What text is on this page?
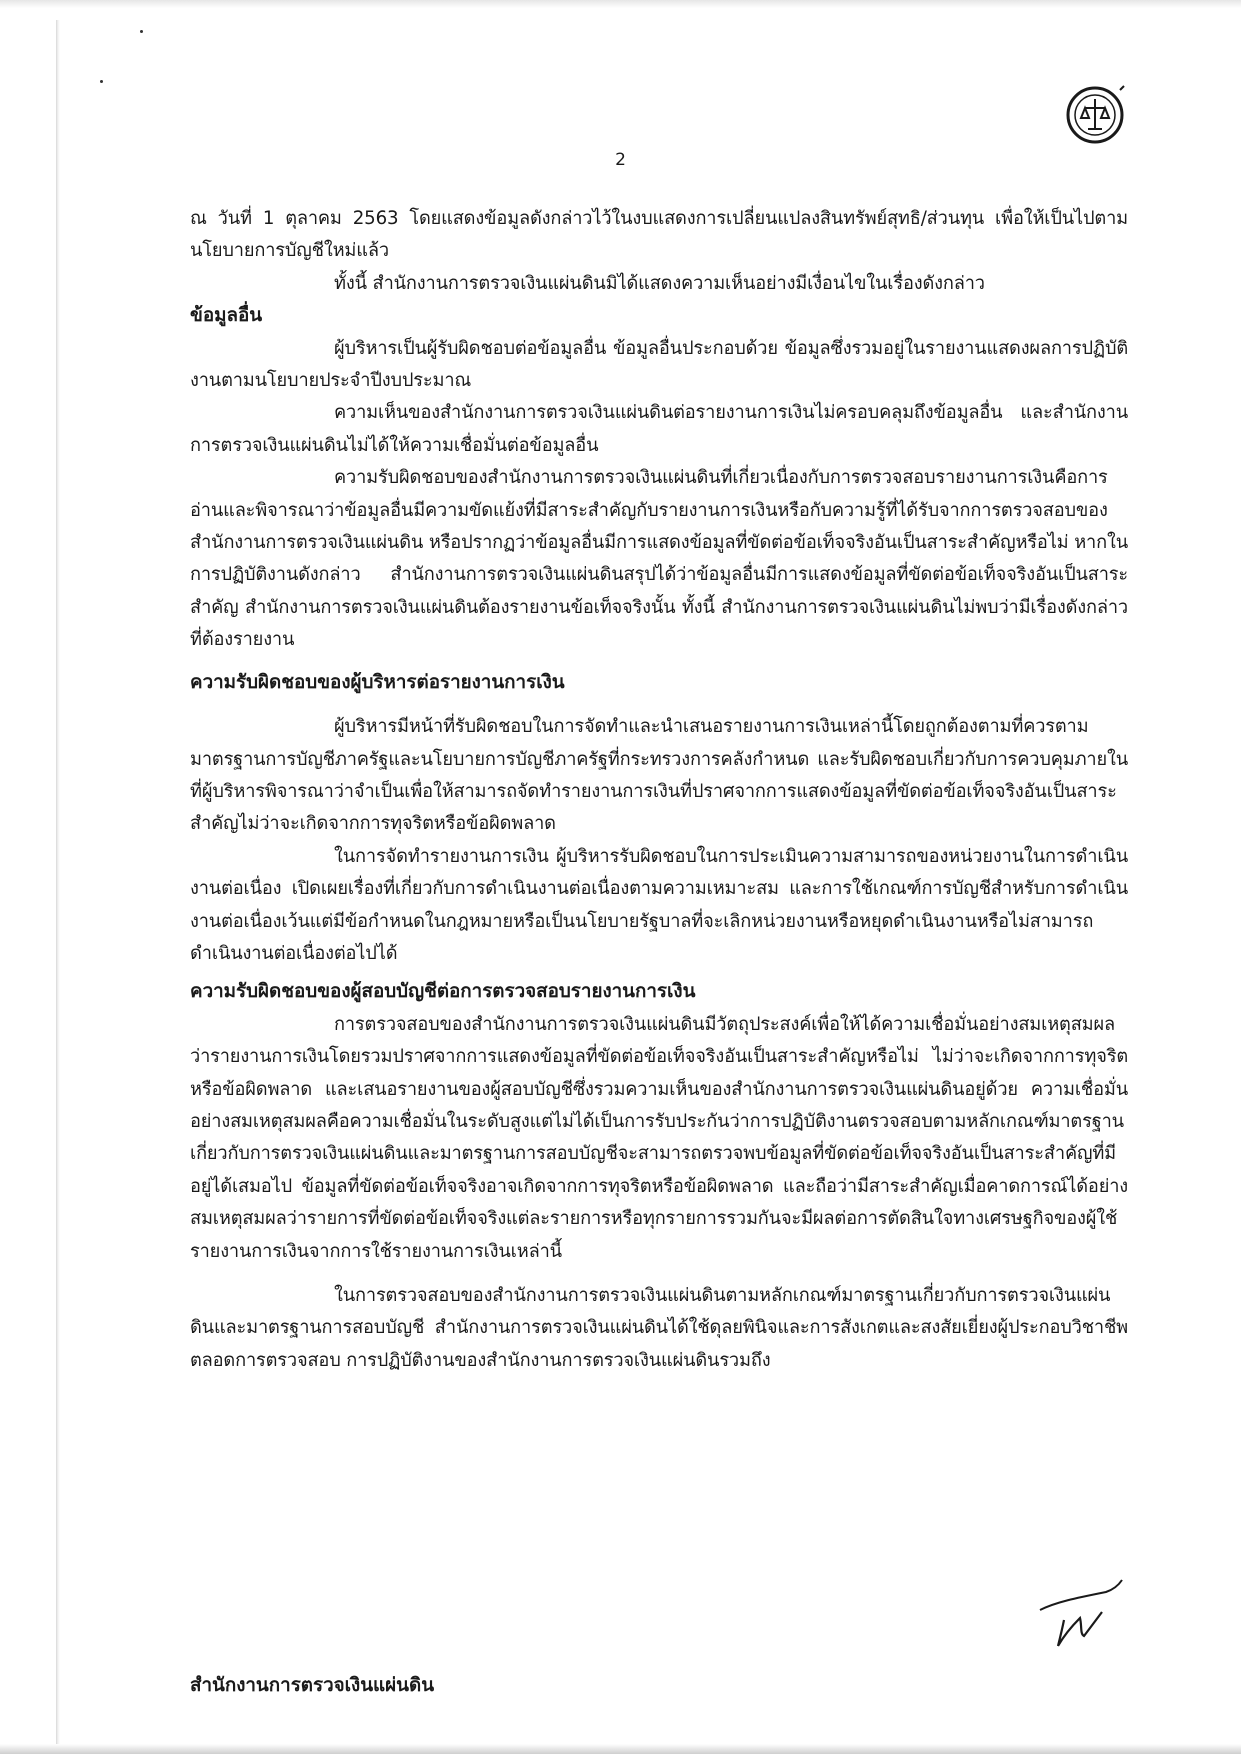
2

ณ วันที่ 1 ตุลาคม 2563 โดยแสดงข้อมูลดังกล่าวไว้ในงบแสดงการเปลี่ยนแปลงสินทรัพย์สุทธิ/ส่วนทุน เพื่อให้เป็นไปตามนโยบายการบัญชีใหม่แล้ว

ทั้งนี้ สำนักงานการตรวจเงินแผ่นดินมิได้แสดงความเห็นอย่างมีเงื่อนไขในเรื่องดังกล่าว

ข้อมูลอื่น

ผู้บริหารเป็นผู้รับผิดชอบต่อข้อมูลอื่น ข้อมูลอื่นประกอบด้วย ข้อมูลซึ่งรวมอยู่ในรายงานแสดงผลการปฏิบัติงานตามนโยบายประจำปีงบประมาณ

ความเห็นของสำนักงานการตรวจเงินแผ่นดินต่อรายงานการเงินไม่ครอบคลุมถึงข้อมูลอื่น และสำนักงานการตรวจเงินแผ่นดินไม่ได้ให้ความเชื่อมั่นต่อข้อมูลอื่น

ความรับผิดชอบของสำนักงานการตรวจเงินแผ่นดินที่เกี่ยวเนื่องกับการตรวจสอบรายงานการเงินคือการอ่านและพิจารณาว่าข้อมูลอื่นมีความขัดแย้งที่มีสาระสำคัญกับรายงานการเงินหรือกับความรู้ที่ได้รับจากการตรวจสอบของสำนักงานการตรวจเงินแผ่นดิน หรือปรากฏว่าข้อมูลอื่นมีการแสดงข้อมูลที่ขัดต่อข้อเท็จจริงอันเป็นสาระสำคัญหรือไม่ หากในการปฏิบัติงานดังกล่าว สำนักงานการตรวจเงินแผ่นดินสรุปได้ว่าข้อมูลอื่นมีการแสดงข้อมูลที่ขัดต่อข้อเท็จจริงอันเป็นสาระสำคัญ สำนักงานการตรวจเงินแผ่นดินต้องรายงานข้อเท็จจริงนั้น ทั้งนี้ สำนักงานการตรวจเงินแผ่นดินไม่พบว่ามีเรื่องดังกล่าวที่ต้องรายงาน

ความรับผิดชอบของผู้บริหารต่อรายงานการเงิน

ผู้บริหารมีหน้าที่รับผิดชอบในการจัดทำและนำเสนอรายงานการเงินเหล่านี้โดยถูกต้องตามที่ควรตามมาตรฐานการบัญชีภาครัฐและนโยบายการบัญชีภาครัฐที่กระทรวงการคลังกำหนด และรับผิดชอบเกี่ยวกับการควบคุมภายในที่ผู้บริหารพิจารณาว่าจำเป็นเพื่อให้สามารถจัดทำรายงานการเงินที่ปราศจากการแสดงข้อมูลที่ขัดต่อข้อเท็จจริงอันเป็นสาระสำคัญไม่ว่าจะเกิดจากการทุจริตหรือข้อผิดพลาด

ในการจัดทำรายงานการเงิน ผู้บริหารรับผิดชอบในการประเมินความสามารถของหน่วยงานในการดำเนินงานต่อเนื่อง เปิดเผยเรื่องที่เกี่ยวกับการดำเนินงานต่อเนื่องตามความเหมาะสม และการใช้เกณฑ์การบัญชีสำหรับการดำเนินงานต่อเนื่องเว้นแต่มีข้อกำหนดในกฎหมายหรือเป็นนโยบายรัฐบาลที่จะเลิกหน่วยงานหรือหยุดดำเนินงานหรือไม่สามารถดำเนินงานต่อเนื่องต่อไปได้

ความรับผิดชอบของผู้สอบบัญชีต่อการตรวจสอบรายงานการเงิน

การตรวจสอบของสำนักงานการตรวจเงินแผ่นดินมีวัตถุประสงค์เพื่อให้ได้ความเชื่อมั่นอย่างสมเหตุสมผลว่ารายงานการเงินโดยรวมปราศจากการแสดงข้อมูลที่ขัดต่อข้อเท็จจริงอันเป็นสาระสำคัญหรือไม่ ไม่ว่าจะเกิดจากการทุจริตหรือข้อผิดพลาด และเสนอรายงานของผู้สอบบัญชีซึ่งรวมความเห็นของสำนักงานการตรวจเงินแผ่นดินอยู่ด้วย ความเชื่อมั่นอย่างสมเหตุสมผลคือความเชื่อมั่นในระดับสูงแต่ไม่ได้เป็นการรับประกันว่าการปฏิบัติงานตรวจสอบตามหลักเกณฑ์มาตรฐานเกี่ยวกับการตรวจเงินแผ่นดินและมาตรฐานการสอบบัญชีจะสามารถตรวจพบข้อมูลที่ขัดต่อข้อเท็จจริงอันเป็นสาระสำคัญที่มีอยู่ได้เสมอไป ข้อมูลที่ขัดต่อข้อเท็จจริงอาจเกิดจากการทุจริตหรือข้อผิดพลาด และถือว่ามีสาระสำคัญเมื่อคาดการณ์ได้อย่างสมเหตุสมผลว่ารายการที่ขัดต่อข้อเท็จจริงแต่ละรายการหรือทุกรายการรวมกันจะมีผลต่อการตัดสินใจทางเศรษฐกิจของผู้ใช้รายงานการเงินจากการใช้รายงานการเงินเหล่านี้

ในการตรวจสอบของสำนักงานการตรวจเงินแผ่นดินตามหลักเกณฑ์มาตรฐานเกี่ยวกับการตรวจเงินแผ่นดินและมาตรฐานการสอบบัญชี สำนักงานการตรวจเงินแผ่นดินได้ใช้ดุลยพินิจและการสังเกตและสงสัยเยี่ยงผู้ประกอบวิชาชีพตลอดการตรวจสอบ การปฏิบัติงานของสำนักงานการตรวจเงินแผ่นดินรวมถึง

สำนักงานการตรวจเงินแผ่นดิน
